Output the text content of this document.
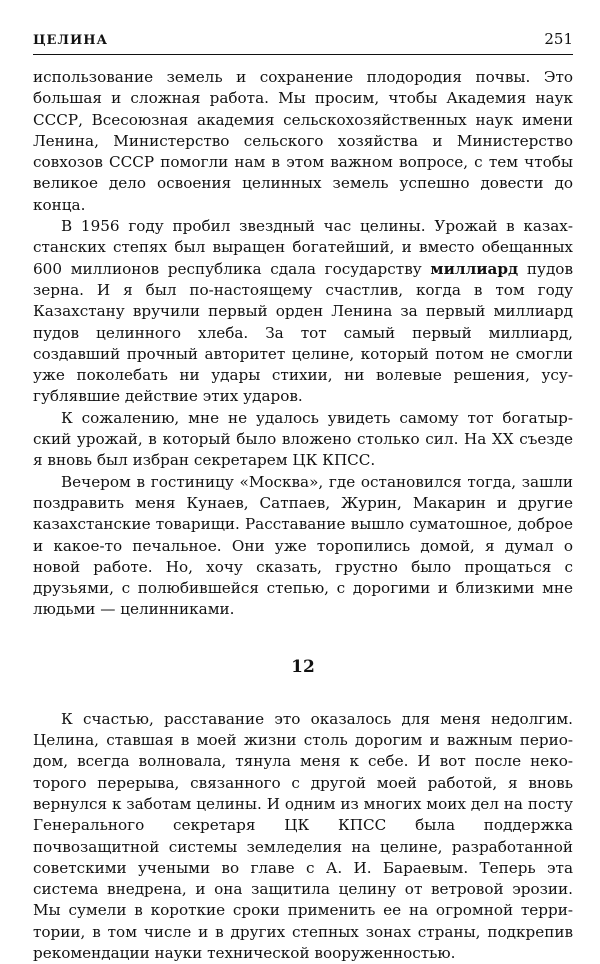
ЦЕЛИНА	251

использование земель и сохранение плодородия почвы. Это большая и сложная работа. Мы просим, чтобы Академия наук СССР, Всесоюзная академия сельскохозяйственных наук имени Ленина, Министерство сельского хозяйства и Министерство совхозов СССР помогли нам в этом важном вопросе, с тем чтобы великое дело освоения целинных земель успешно довести до конца.

В 1956 году пробил звездный час целины. Урожай в казахстанских степях был выращен богатейший, и вместо обещанных 600 миллионов республика сдала государству миллиард пудов зерна. И я был по-настоящему счастлив, когда в том году Казахстану вручили первый орден Ленина за первый миллиард пудов целинного хлеба. За тот самый первый миллиард, создавший прочный авторитет целине, который потом не смогли уже поколебать ни удары стихии, ни волевые решения, усугублявшие действие этих ударов.

К сожалению, мне не удалось увидеть самому тот богатырский урожай, в который было вложено столько сил. На XX съезде я вновь был избран секретарем ЦК КПСС.

Вечером в гостиницу «Москва», где остановился тогда, зашли поздравить меня Кунаев, Сатпаев, Журин, Макарин и другие казахстанские товарищи. Расставание вышло суматошное, доброе и какое-то печальное. Они уже торопились домой, я думал о новой работе. Но, хочу сказать, грустно было прощаться с друзьями, с полюбившейся степью, с дорогими и близкими мне людьми — целинниками.

12

К счастью, расставание это оказалось для меня недолгим. Целина, ставшая в моей жизни столь дорогим и важным периодом, всегда волновала, тянула меня к себе. И вот после некоторого перерыва, связанного с другой моей работой, я вновь вернулся к заботам целины. И одним из многих моих дел на посту Генерального секретаря ЦК КПСС была поддержка почвозащитной системы земледелия на целине, разработанной советскими учеными во главе с А. И. Бараевым. Теперь эта система внедрена, и она защитила целину от ветровой эрозии. Мы сумели в короткие сроки применить ее на огромной территории, в том числе и в других степных зонах страны, подкрепив рекомендации науки технической вооруженностью.
